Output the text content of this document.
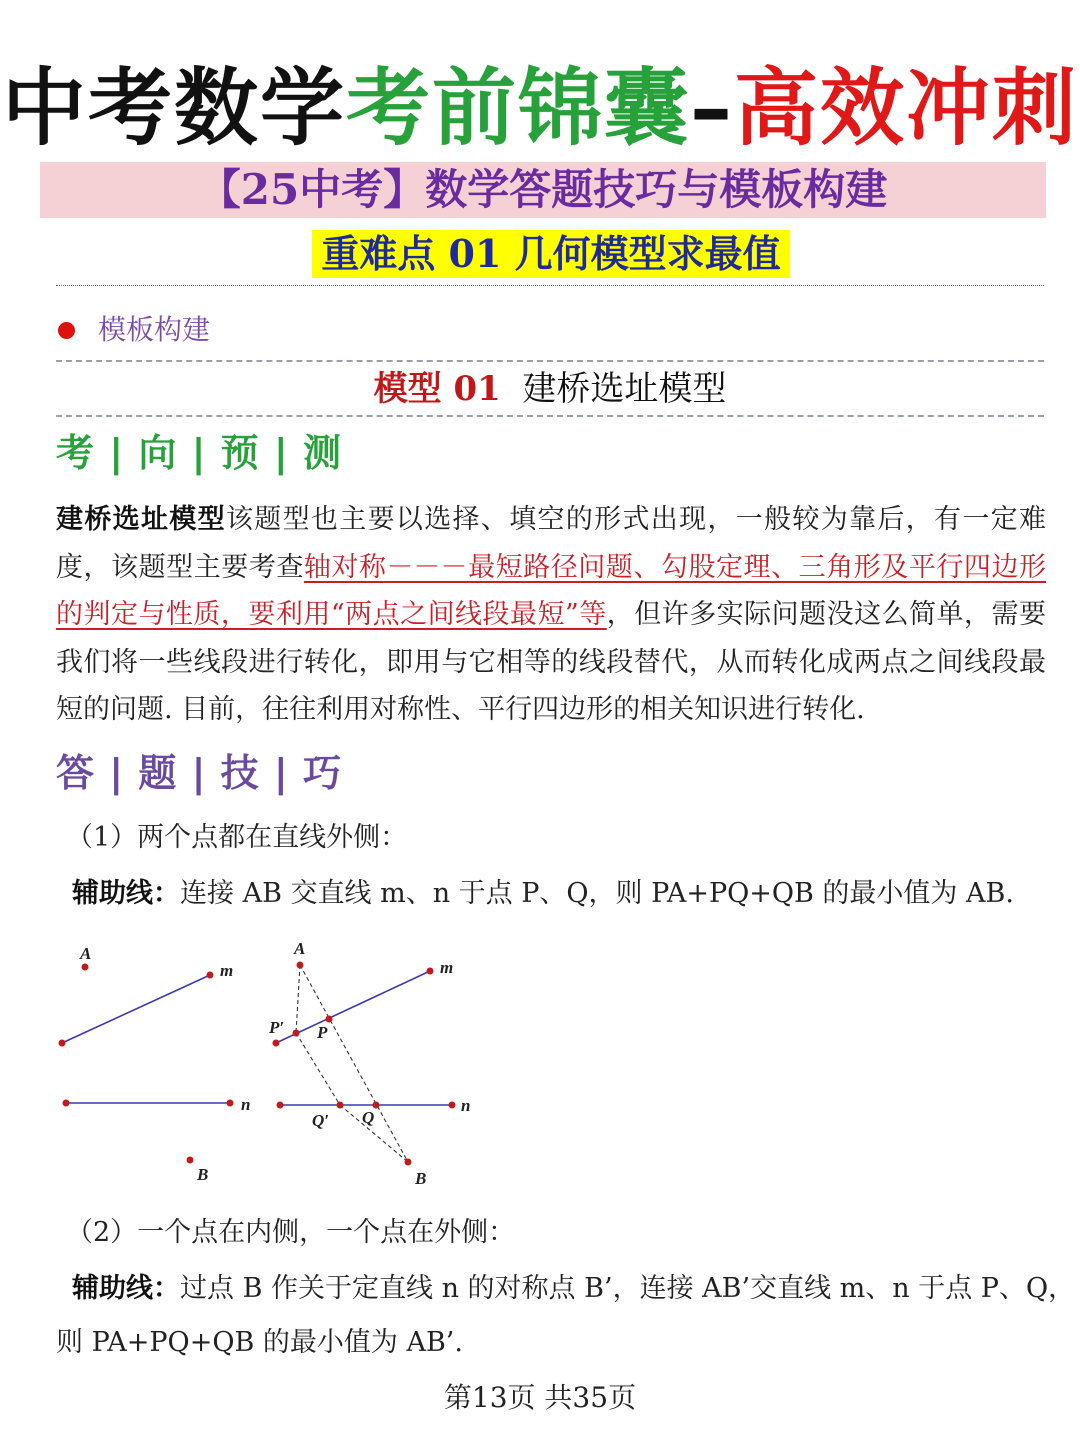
中考数学考前锦囊–高效冲刺
【25中考】数学答题技巧与模板构建
重难点 01 几何模型求最值
模板构建
模型 01 建桥选址模型
考 | 向 | 预 | 测
建桥选址模型该题型也主要以选择、填空的形式出现，一般较为靠后，有一定难度，该题型主要考查轴对称－－－最短路径问题、勾股定理、三角形及平行四边形的判定与性质，要利用“两点之间线段最短”等，但许多实际问题没这么简单，需要我们将一些线段进行转化，即用与它相等的线段替代，从而转化成两点之间线段最短的问题. 目前，往往利用对称性、平行四边形的相关知识进行转化.
答 | 题 | 技 | 巧
（1）两个点都在直线外侧：
辅助线：连接 AB 交直线 m、n 于点 P、Q，则 PA+PQ+QB 的最小值为 AB.
A
m
n
B
A
m
P′ P
Q′ Q
n
B
（2）一个点在内侧，一个点在外侧：
辅助线：过点 B 作关于定直线 n 的对称点 B’，连接 AB’交直线 m、n 于点 P、Q，
则 PA+PQ+QB 的最小值为 AB’.
第13页 共35页
